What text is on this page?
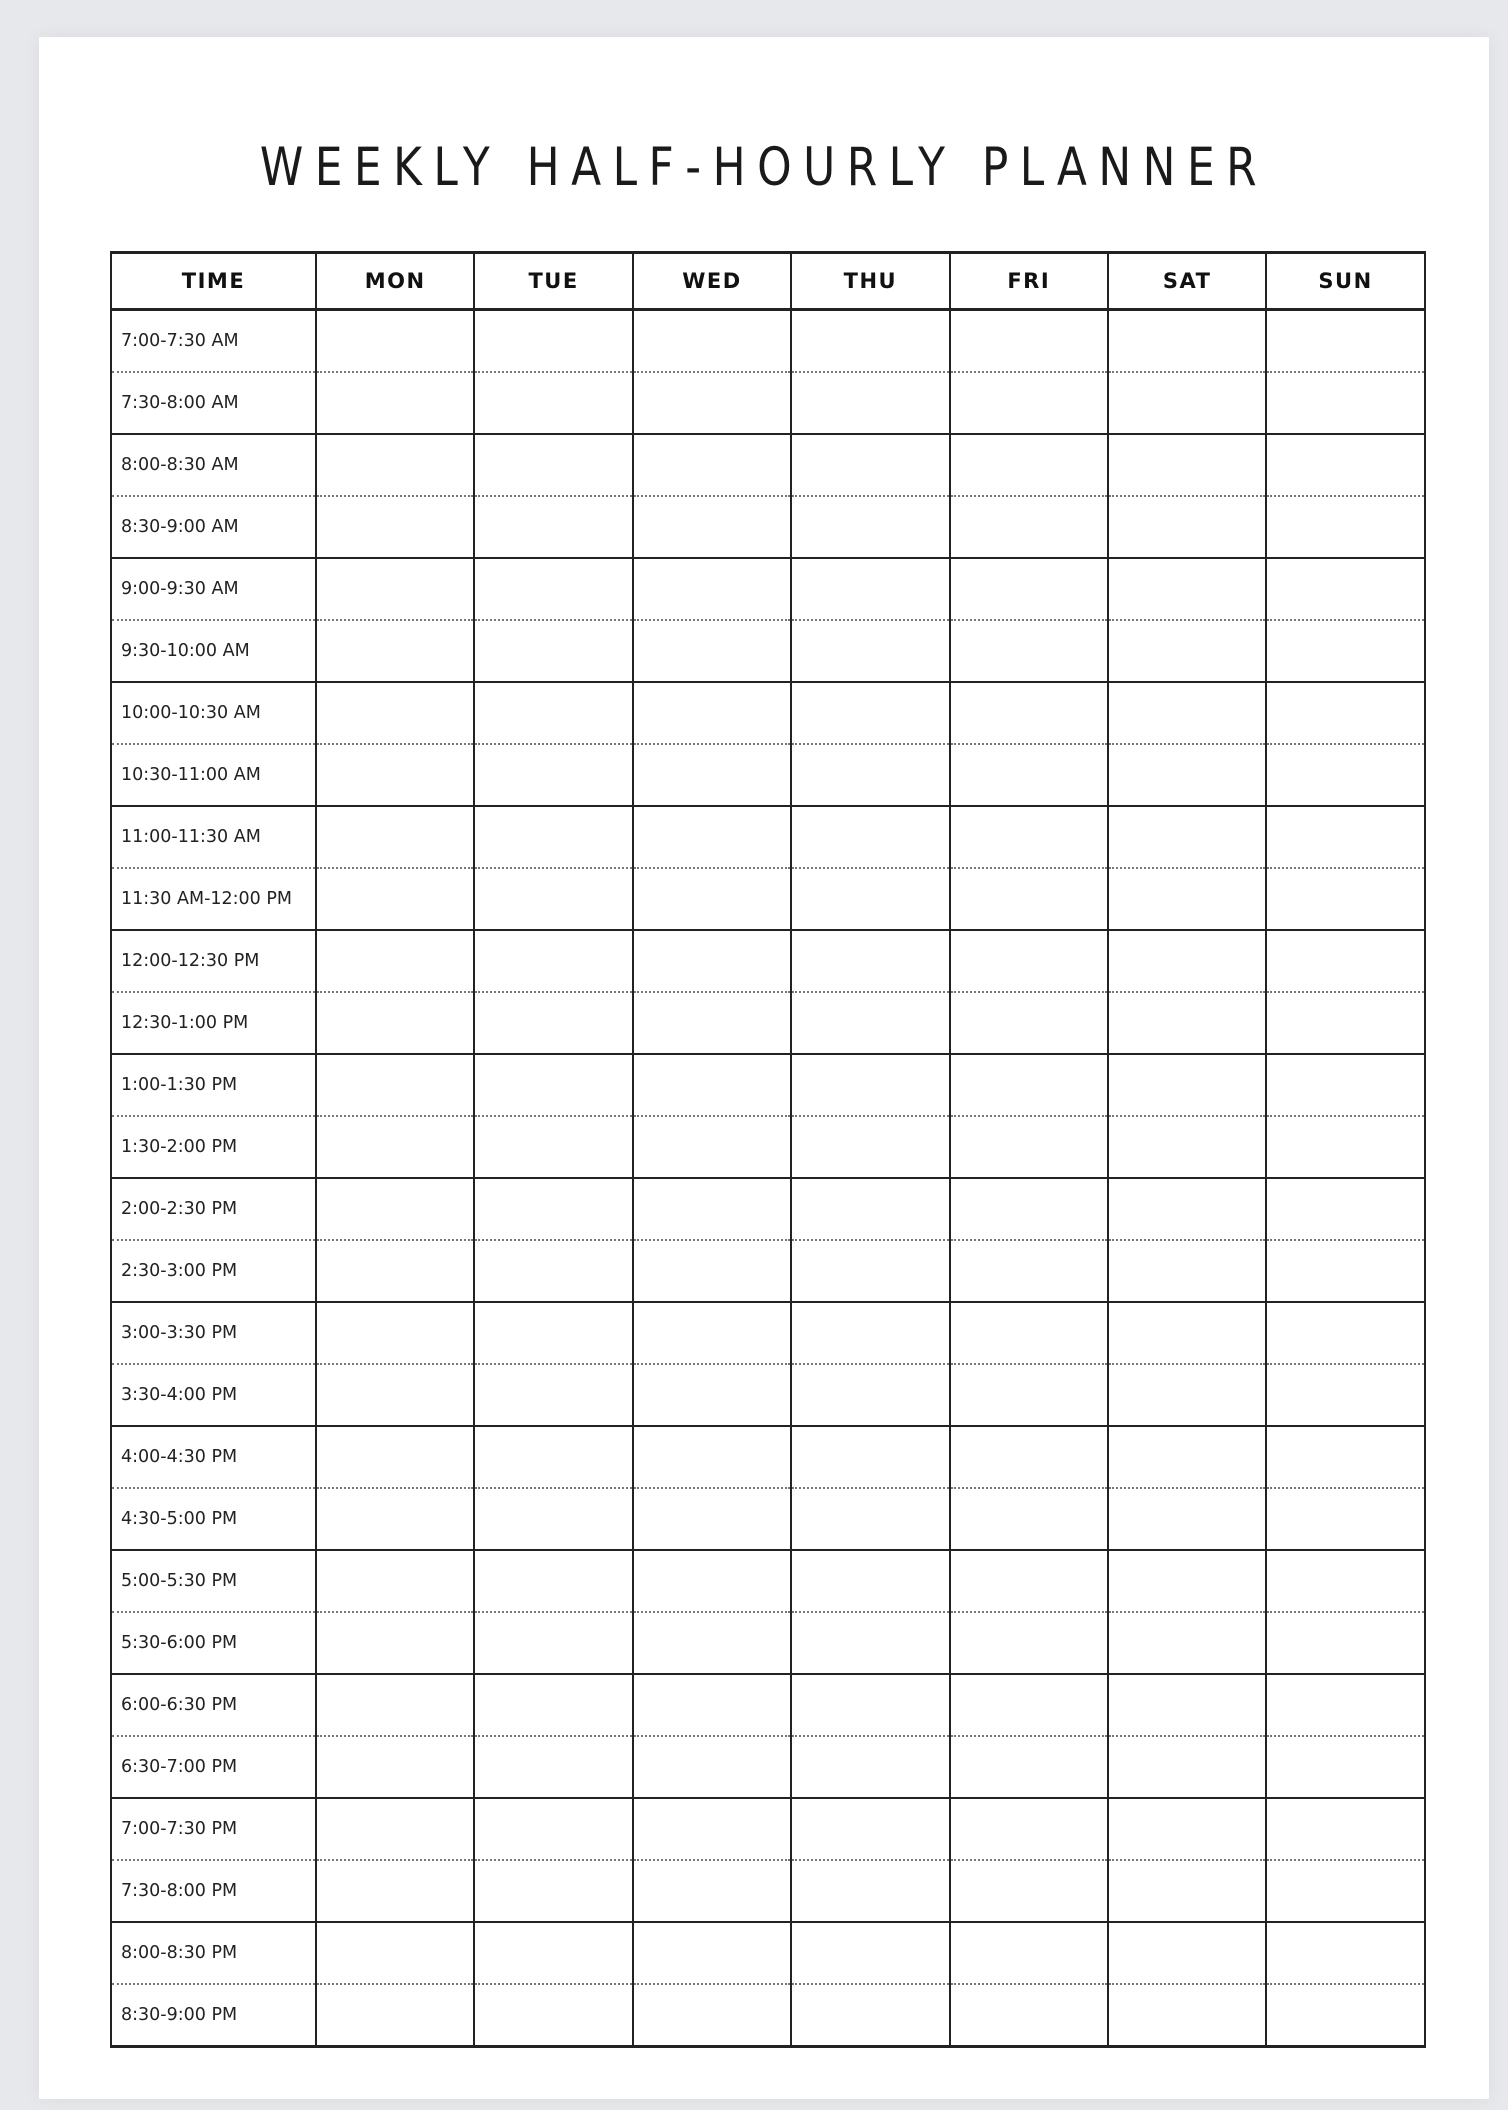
WEEKLY HALF-HOURLY PLANNER
TIME	MON	TUE	WED	THU	FRI	SAT	SUN
7:00-7:30 AM							
7:30-8:00 AM							
8:00-8:30 AM							
8:30-9:00 AM							
9:00-9:30 AM							
9:30-10:00 AM							
10:00-10:30 AM							
10:30-11:00 AM							
11:00-11:30 AM							
11:30 AM-12:00 PM							
12:00-12:30 PM							
12:30-1:00 PM							
1:00-1:30 PM							
1:30-2:00 PM							
2:00-2:30 PM							
2:30-3:00 PM							
3:00-3:30 PM							
3:30-4:00 PM							
4:00-4:30 PM							
4:30-5:00 PM							
5:00-5:30 PM							
5:30-6:00 PM							
6:00-6:30 PM							
6:30-7:00 PM							
7:00-7:30 PM							
7:30-8:00 PM							
8:00-8:30 PM							
8:30-9:00 PM							
